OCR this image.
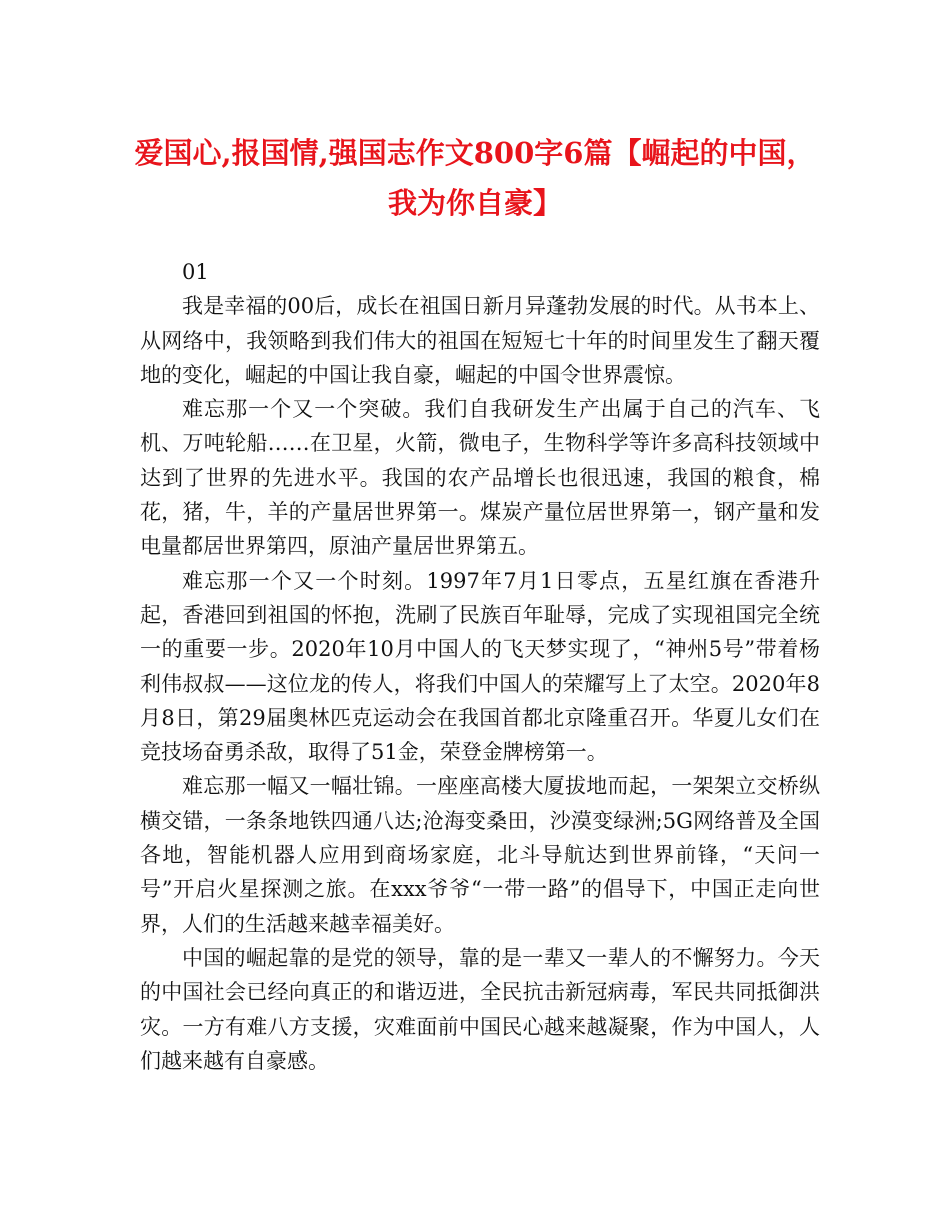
爱国心,报国情,强国志作文800字6篇【崛起的中国，
我为你自豪】

01

我是幸福的00后，成长在祖国日新月异蓬勃发展的时代。从书本上、从网络中，我领略到我们伟大的祖国在短短七十年的时间里发生了翻天覆地的变化，崛起的中国让我自豪，崛起的中国令世界震惊。

难忘那一个又一个突破。我们自我研发生产出属于自己的汽车、飞机、万吨轮船……在卫星，火箭，微电子，生物科学等许多高科技领域中达到了世界的先进水平。我国的农产品增长也很迅速，我国的粮食，棉花，猪，牛，羊的产量居世界第一。煤炭产量位居世界第一，钢产量和发电量都居世界第四，原油产量居世界第五。

难忘那一个又一个时刻。1997年7月1日零点，五星红旗在香港升起，香港回到祖国的怀抱，洗刷了民族百年耻辱，完成了实现祖国完全统一的重要一步。2020年10月中国人的飞天梦实现了，“神州5号”带着杨利伟叔叔——这位龙的传人，将我们中国人的荣耀写上了太空。2020年8月8日，第29届奥林匹克运动会在我国首都北京隆重召开。华夏儿女们在竞技场奋勇杀敌，取得了51金，荣登金牌榜第一。

难忘那一幅又一幅壮锦。一座座高楼大厦拔地而起，一架架立交桥纵横交错，一条条地铁四通八达;沧海变桑田，沙漠变绿洲;5G网络普及全国各地，智能机器人应用到商场家庭，北斗导航达到世界前锋，“天问一号”开启火星探测之旅。在xxx爷爷“一带一路”的倡导下，中国正走向世界，人们的生活越来越幸福美好。

中国的崛起靠的是党的领导，靠的是一辈又一辈人的不懈努力。今天的中国社会已经向真正的和谐迈进，全民抗击新冠病毒，军民共同抵御洪灾。一方有难八方支援，灾难面前中国民心越来越凝聚，作为中国人，人们越来越有自豪感。
